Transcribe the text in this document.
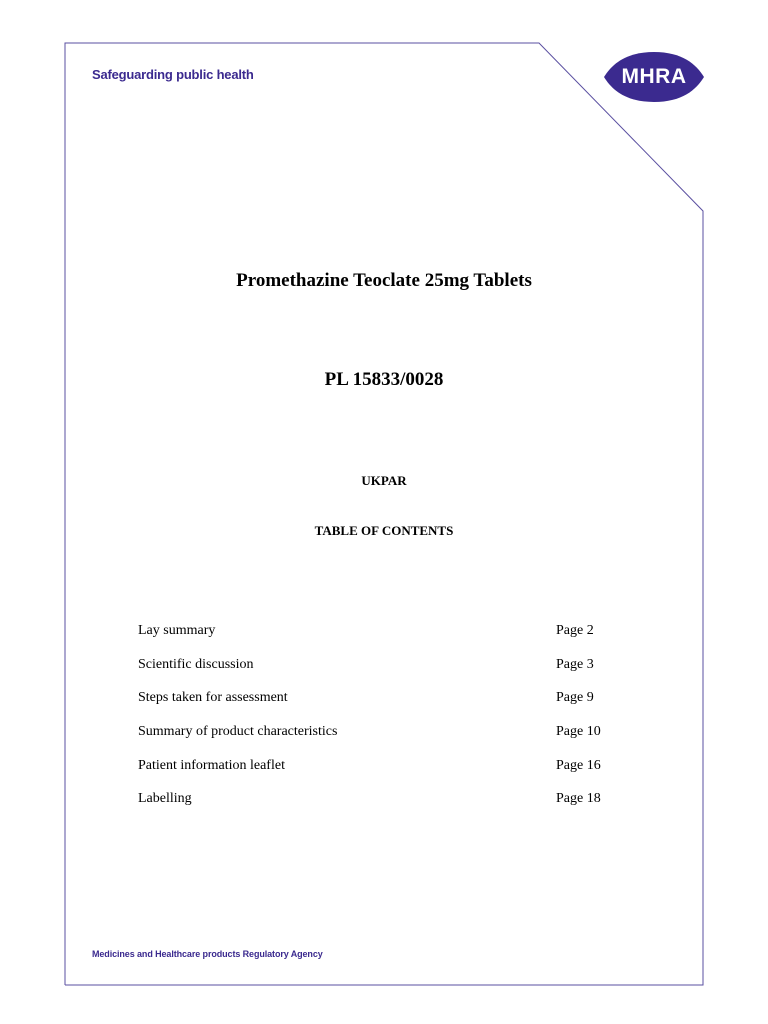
Safeguarding public health	MHRA
Promethazine Teoclate 25mg Tablets
PL 15833/0028
UKPAR
TABLE OF CONTENTS
Lay summary	Page 2
Scientific discussion	Page 3
Steps taken for assessment	Page 9
Summary of product characteristics	Page 10
Patient information leaflet	Page 16
Labelling	Page 18
Medicines and Healthcare products Regulatory Agency
